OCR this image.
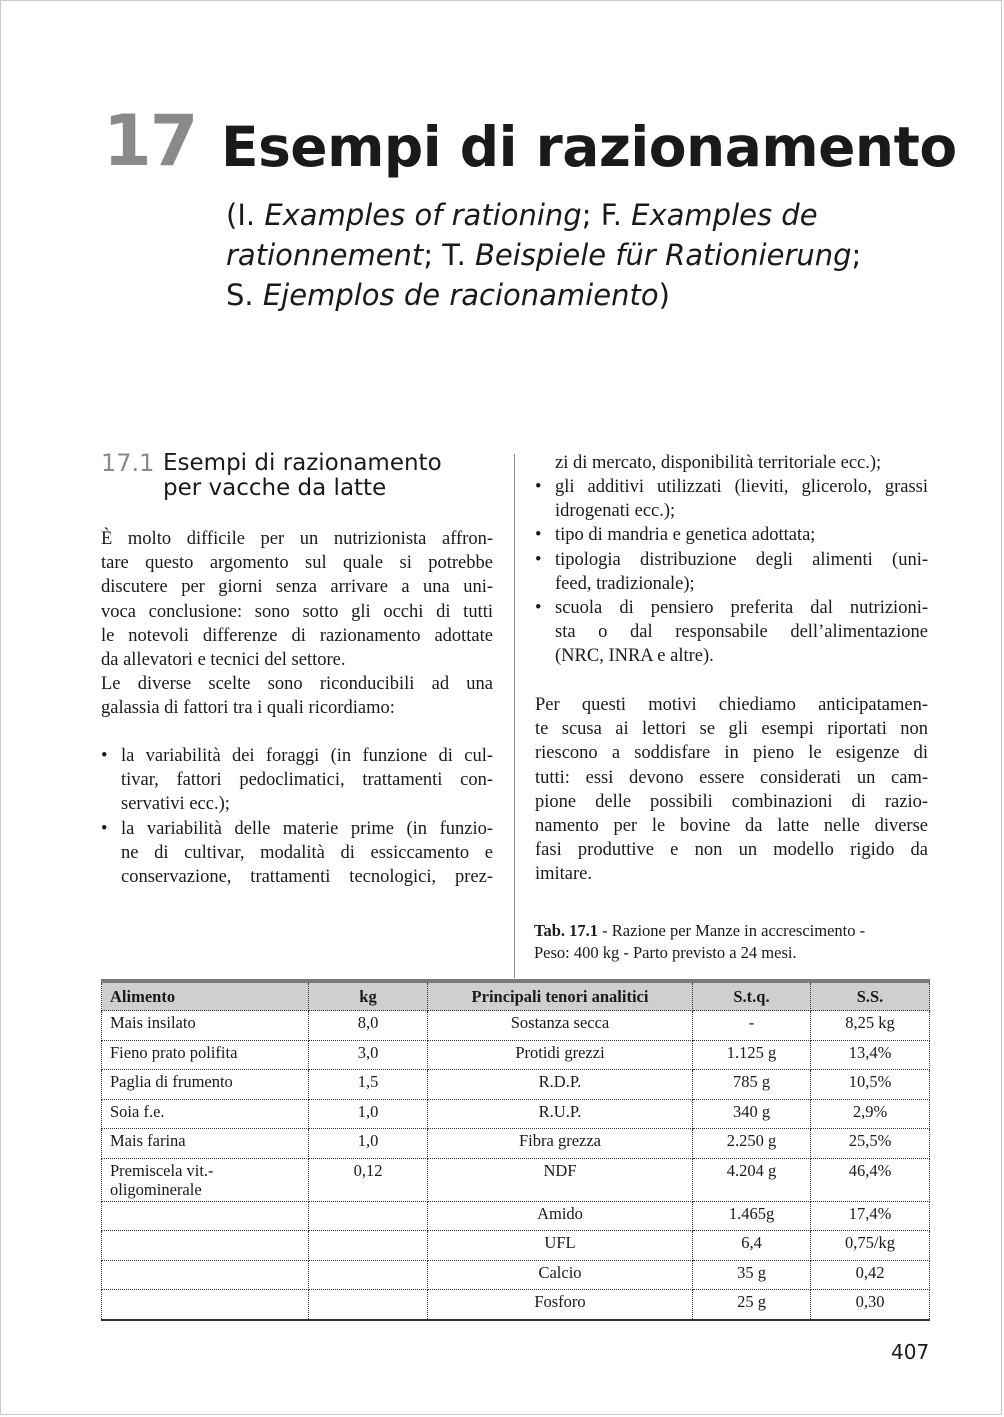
17 Esempi di razionamento
(I. Examples of rationing; F. Examples de
rationnement; T. Beispiele für Rationierung;
S. Ejemplos de racionamiento)
17.1 Esempi di razionamento
per vacche da latte
È molto difficile per un nutrizionista affron-
tare questo argomento sul quale si potrebbe
discutere per giorni senza arrivare a una uni-
voca conclusione: sono sotto gli occhi di tutti
le notevoli differenze di razionamento adottate
da allevatori e tecnici del settore.
Le diverse scelte sono riconducibili ad una
galassia di fattori tra i quali ricordiamo:
• la variabilità dei foraggi (in funzione di cul-
tivar, fattori pedoclimatici, trattamenti con-
servativi ecc.);
• la variabilità delle materie prime (in funzio-
ne di cultivar, modalità di essiccamento e
conservazione, trattamenti tecnologici, prez-
zi di mercato, disponibilità territoriale ecc.);
• gli additivi utilizzati (lieviti, glicerolo, grassi
idrogenati ecc.);
• tipo di mandria e genetica adottata;
• tipologia distribuzione degli alimenti (uni-
feed, tradizionale);
• scuola di pensiero preferita dal nutrizioni-
sta o dal responsabile dell’alimentazione
(NRC, INRA e altre).
Per questi motivi chiediamo anticipatamen-
te scusa ai lettori se gli esempi riportati non
riescono a soddisfare in pieno le esigenze di
tutti: essi devono essere considerati un cam-
pione delle possibili combinazioni di razio-
namento per le bovine da latte nelle diverse
fasi produttive e non un modello rigido da
imitare.
Tab. 17.1 - Razione per Manze in accrescimento -
Peso: 400 kg - Parto previsto a 24 mesi.
Alimento	kg	Principali tenori analitici	S.t.q.	S.S.
Mais insilato	8,0	Sostanza secca	-	8,25 kg
Fieno prato polifita	3,0	Protidi grezzi	1.125 g	13,4%
Paglia di frumento	1,5	R.D.P.	785 g	10,5%
Soia f.e.	1,0	R.U.P.	340 g	2,9%
Mais farina	1,0	Fibra grezza	2.250 g	25,5%
Premiscela vit.-
oligominerale	0,12	NDF	4.204 g	46,4%
		Amido	1.465g	17,4%
		UFL	6,4	0,75/kg
		Calcio	35 g	0,42
		Fosforo	25 g	0,30
407
